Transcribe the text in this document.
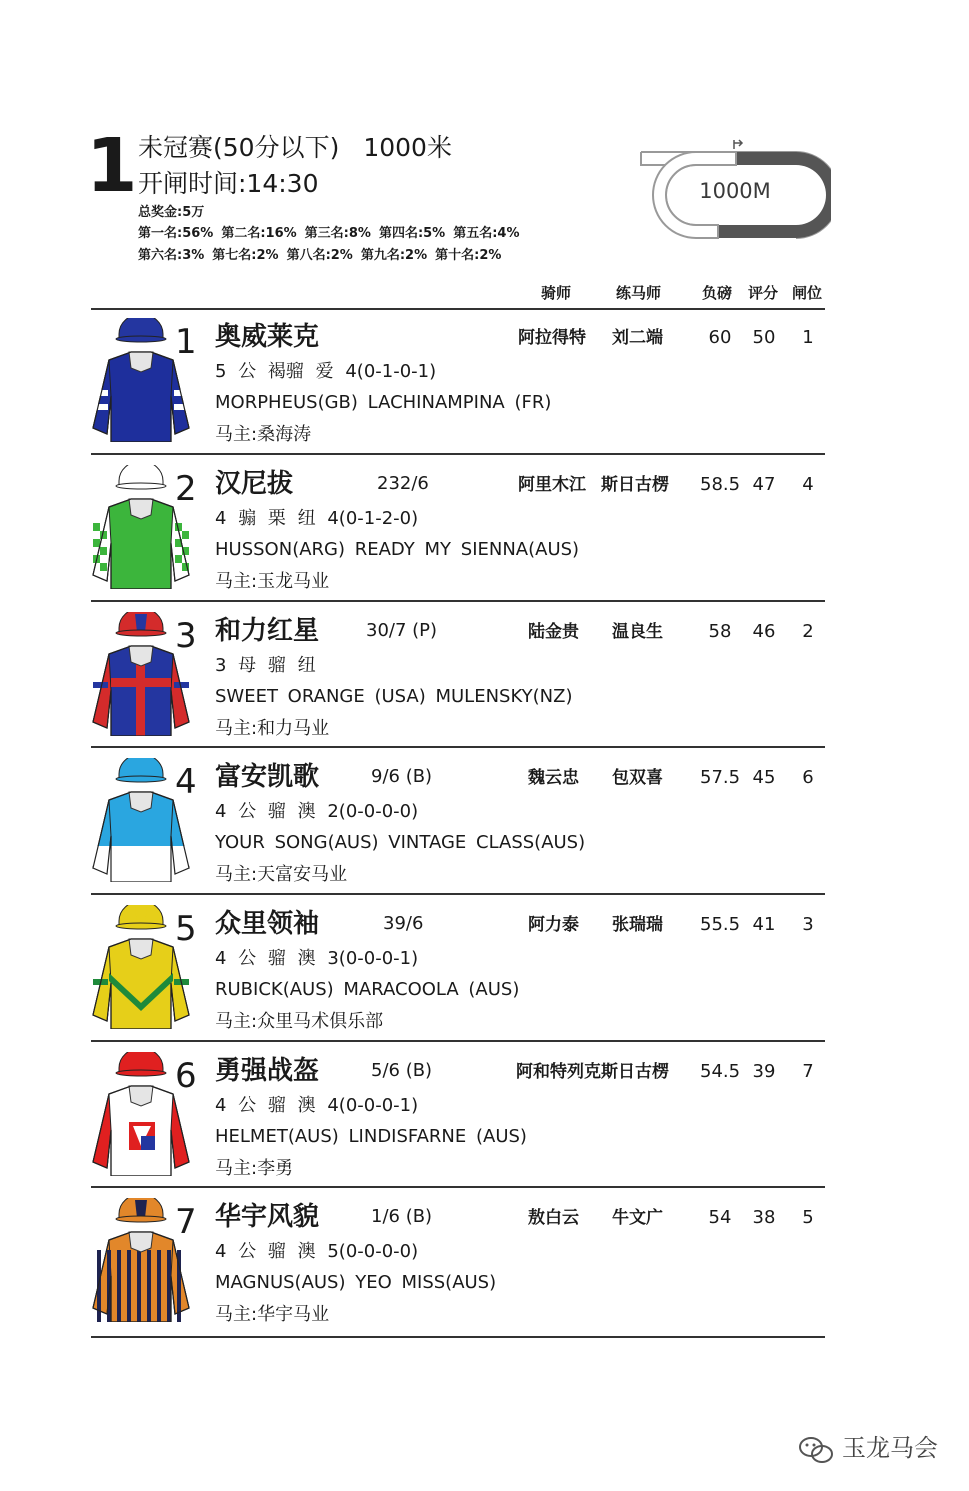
1 未冠赛(50分以下) 1000米
开闸时间:14:30
总奖金:5万
第一名:56% 第二名:16% 第三名:8% 第四名:5% 第五名:4%
第六名:3% 第七名:2% 第八名:2% 第九名:2% 第十名:2%
1000M
骑师	练马师	负磅 评分 闸位
1 奥威莱克	阿拉得特 刘二端	60	50	1
5 公 褐骝 爱 4(0-1-0-1)
MORPHEUS(GB) LACHINAMPINA (FR)
马主:桑海涛
2 汉尼拔	232/6	阿里木江 斯日古楞 58.5 47	4
4 骟 栗 纽 4(0-1-2-0)
HUSSON(ARG) READY MY SIENNA(AUS)
马主:玉龙马业
3 和力红星	30/7 (P)	陆金贵 温良生	58	46	2
3 母 骝 纽
SWEET ORANGE (USA) MULENSKY(NZ)
马主:和力马业
4 富安凯歌	9/6 (B)	魏云忠 包双喜 57.5 45	6
4 公 骝 澳 2(0-0-0-0)
YOUR SONG(AUS) VINTAGE CLASS(AUS)
马主:天富安马业
5 众里领袖	39/6	阿力泰 张瑞瑞 55.5 41	3
4 公 骝 澳 3(0-0-0-1)
RUBICK(AUS) MARACOOLA (AUS)
马主:众里马术俱乐部
6 勇强战盔	5/6 (B)	阿和特列克 斯日古楞 54.5 39	7
4 公 骝 澳 4(0-0-0-1)
HELMET(AUS) LINDISFARNE (AUS)
马主:李勇
7 华宇风貌	1/6 (B)	敖白云 牛文广	54	38	5
4 公 骝 澳 5(0-0-0-0)
MAGNUS(AUS) YEO MISS(AUS)
马主:华宇马业
玉龙马会
